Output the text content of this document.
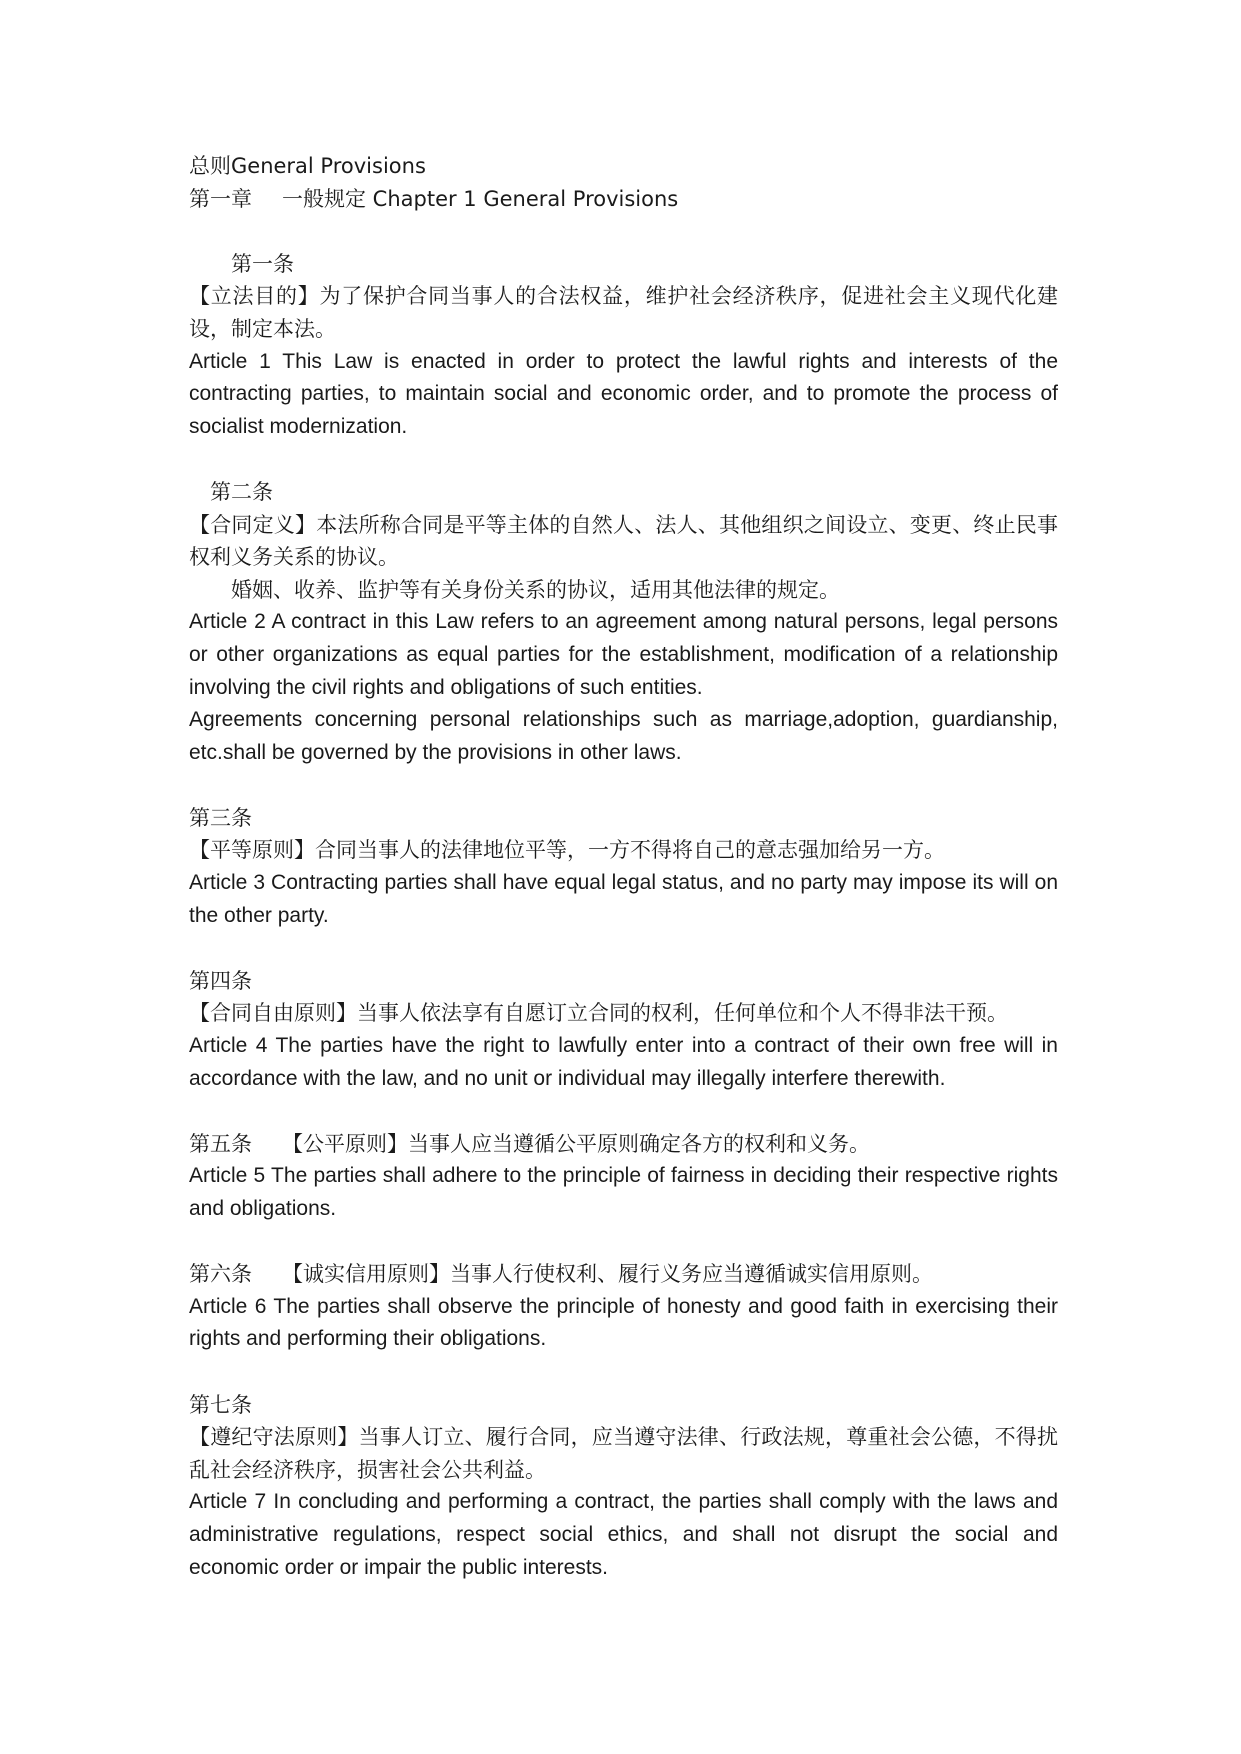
总则General Provisions

第一章 一般规定 Chapter 1 General Provisions

第一条

【立法目的】为了保护合同当事人的合法权益，维护社会经济秩序，促进社会主义现代化建设，制定本法。

Article 1 This Law is enacted in order to protect the lawful rights and interests of the contracting parties, to maintain social and economic order, and to promote the process of socialist modernization.

第二条

【合同定义】本法所称合同是平等主体的自然人、法人、其他组织之间设立、变更、终止民事权利义务关系的协议。

婚姻、收养、监护等有关身份关系的协议，适用其他法律的规定。

Article 2 A contract in this Law refers to an agreement among natural persons, legal persons or other organizations as equal parties for the establishment, modification of a relationship involving the civil rights and obligations of such entities.

Agreements concerning personal relationships such as marriage,adoption, guardianship, etc.shall be governed by the provisions in other laws.

第三条

【平等原则】合同当事人的法律地位平等，一方不得将自己的意志强加给另一方。

Article 3 Contracting parties shall have equal legal status, and no party may impose its will on the other party.

第四条

【合同自由原则】当事人依法享有自愿订立合同的权利，任何单位和个人不得非法干预。

Article 4 The parties have the right to lawfully enter into a contract of their own free will in accordance with the law, and no unit or individual may illegally interfere therewith.

第五条 【公平原则】当事人应当遵循公平原则确定各方的权利和义务。

Article 5 The parties shall adhere to the principle of fairness in deciding their respective rights and obligations.

第六条 【诚实信用原则】当事人行使权利、履行义务应当遵循诚实信用原则。

Article 6 The parties shall observe the principle of honesty and good faith in exercising their rights and performing their obligations.

第七条

【遵纪守法原则】当事人订立、履行合同，应当遵守法律、行政法规，尊重社会公德，不得扰乱社会经济秩序，损害社会公共利益。

Article 7 In concluding and performing a contract, the parties shall comply with the laws and administrative regulations, respect social ethics, and shall not disrupt the social and economic order or impair the public interests.
